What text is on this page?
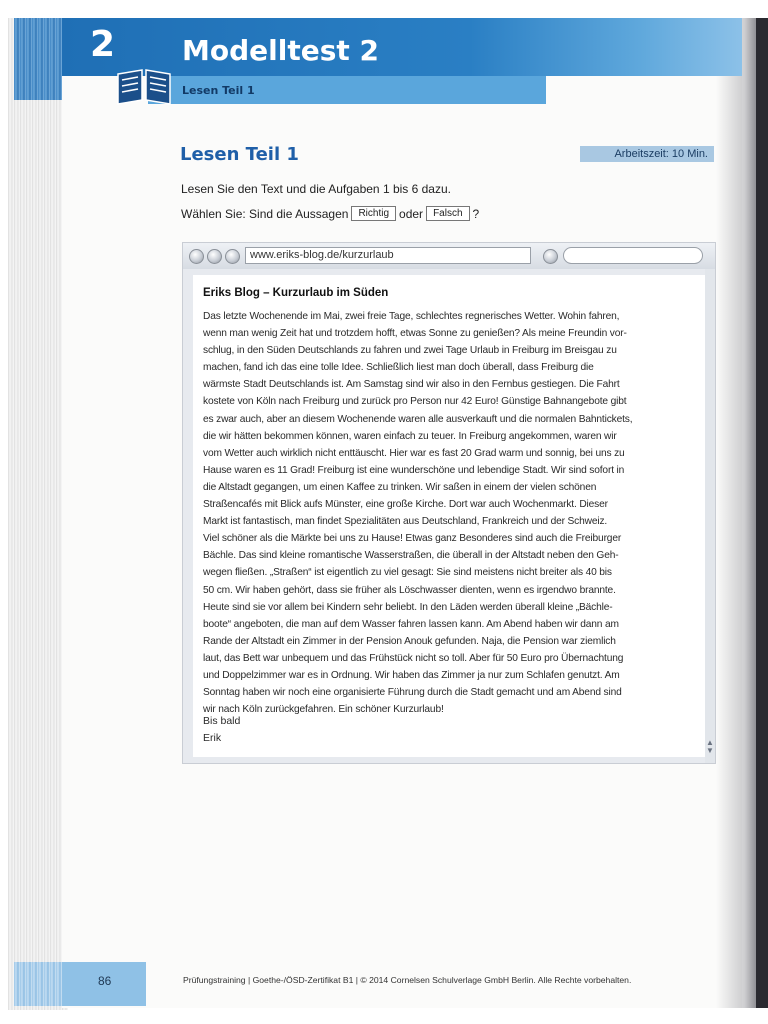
2 Modelltest 2
Lesen Teil 1
Lesen Teil 1	Arbeitszeit: 10 Min.
Lesen Sie den Text und die Aufgaben 1 bis 6 dazu.
Wählen Sie: Sind die Aussagen	Richtig oder	Falsch ?
www.eriks-blog.de/kurzurlaub
Eriks Blog – Kurzurlaub im Süden
Das letzte Wochenende im Mai, zwei freie Tage, schlechtes regnerisches Wetter. Wohin fahren,
wenn man wenig Zeit hat und trotzdem hofft, etwas Sonne zu genießen? Als meine Freundin vor-
schlug, in den Süden Deutschlands zu fahren und zwei Tage Urlaub in Freiburg im Breisgau zu
machen, fand ich das eine tolle Idee. Schließlich liest man doch überall, dass Freiburg die
wärmste Stadt Deutschlands ist. Am Samstag sind wir also in den Fernbus gestiegen. Die Fahrt
kostete von Köln nach Freiburg und zurück pro Person nur 42 Euro! Günstige Bahnangebote gibt
es zwar auch, aber an diesem Wochenende waren alle ausverkauft und die normalen Bahntickets,
die wir hätten bekommen können, waren einfach zu teuer. In Freiburg angekommen, waren wir
vom Wetter auch wirklich nicht enttäuscht. Hier war es fast 20 Grad warm und sonnig, bei uns zu
Hause waren es 11 Grad! Freiburg ist eine wunderschöne und lebendige Stadt. Wir sind sofort in
die Altstadt gegangen, um einen Kaffee zu trinken. Wir saßen in einem der vielen schönen
Straßencafés mit Blick aufs Münster, eine große Kirche. Dort war auch Wochenmarkt. Dieser
Markt ist fantastisch, man findet Spezialitäten aus Deutschland, Frankreich und der Schweiz.
Viel schöner als die Märkte bei uns zu Hause! Etwas ganz Besonderes sind auch die Freiburger
Bächle. Das sind kleine romantische Wasserstraßen, die überall in der Altstadt neben den Geh-
wegen fließen. „Straßen“ ist eigentlich zu viel gesagt: Sie sind meistens nicht breiter als 40 bis
50 cm. Wir haben gehört, dass sie früher als Löschwasser dienten, wenn es irgendwo brannte.
Heute sind sie vor allem bei Kindern sehr beliebt. In den Läden werden überall kleine „Bächle-
boote“ angeboten, die man auf dem Wasser fahren lassen kann. Am Abend haben wir dann am
Rande der Altstadt ein Zimmer in der Pension Anouk gefunden. Naja, die Pension war ziemlich
laut, das Bett war unbequem und das Frühstück nicht so toll. Aber für 50 Euro pro Übernachtung
und Doppelzimmer war es in Ordnung. Wir haben das Zimmer ja nur zum Schlafen genutzt. Am
Sonntag haben wir noch eine organisierte Führung durch die Stadt gemacht und am Abend sind
wir nach Köln zurückgefahren. Ein schöner Kurzurlaub!
Bis bald
Erik	▲
▼
86	Prüfungstraining | Goethe-/ÖSD-Zertifikat B1 | © 2014 Cornelsen Schulverlage GmbH Berlin. Alle Rechte vorbehalten.
